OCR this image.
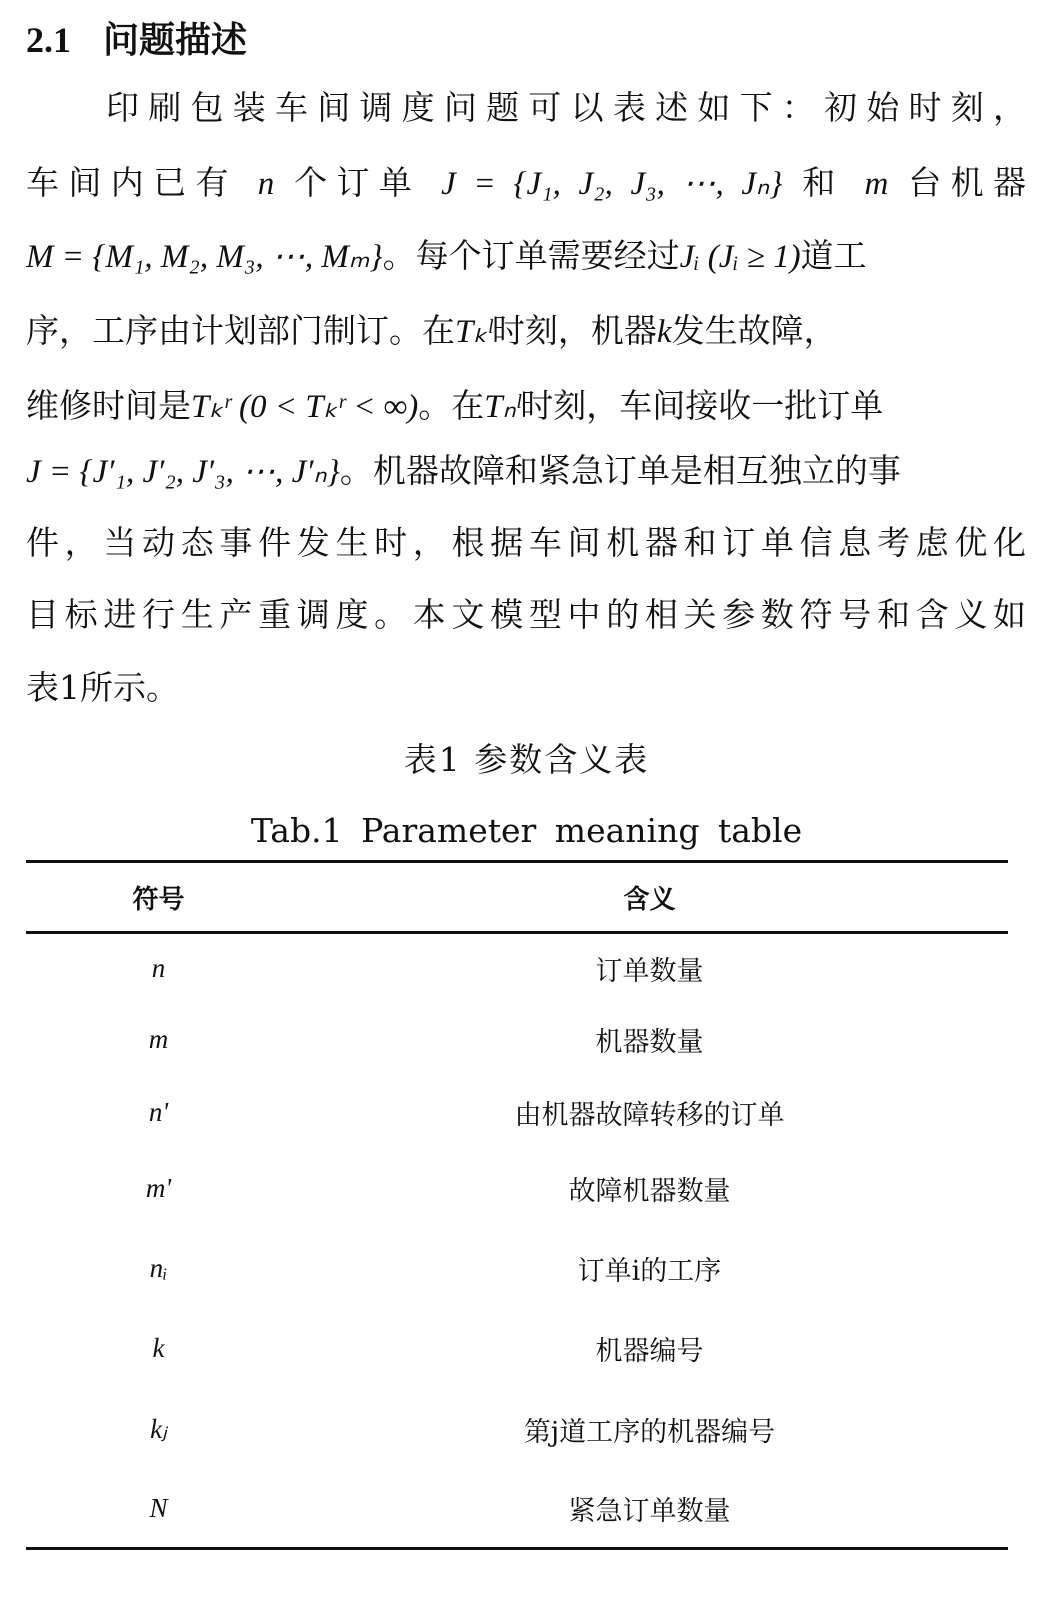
2.1 问题描述
印刷包装车间调度问题可以表述如下：初始时刻，
车间内已有 n 个订单 J = {J₁, J₂, J₃, ⋯, Jₙ} 和 m 台机器
M = {M₁, M₂, M₃, ⋯, Mₘ}。每个订单需要经过Jᵢ (Jᵢ ≥ 1)道工
序，工序由计划部门制订。在Tₖˡ时刻，机器k发生故障，
维修时间是Tₖʳ (0 < Tₖʳ < ∞)。在Tₙˡ时刻，车间接收一批订单
J = {J′₁, J′₂, J′₃, ⋯, J′ₙ}。机器故障和紧急订单是相互独立的事
件，当动态事件发生时，根据车间机器和订单信息考虑优化
目标进行生产重调度。本文模型中的相关参数符号和含义如
表1所示。
表1 参数含义表
Tab.1 Parameter meaning table
符号	含义
n	订单数量
m	机器数量
n'	由机器故障转移的订单
m'	故障机器数量
nᵢ	订单i的工序
k	机器编号
kⱼ	第j道工序的机器编号
N	紧急订单数量
